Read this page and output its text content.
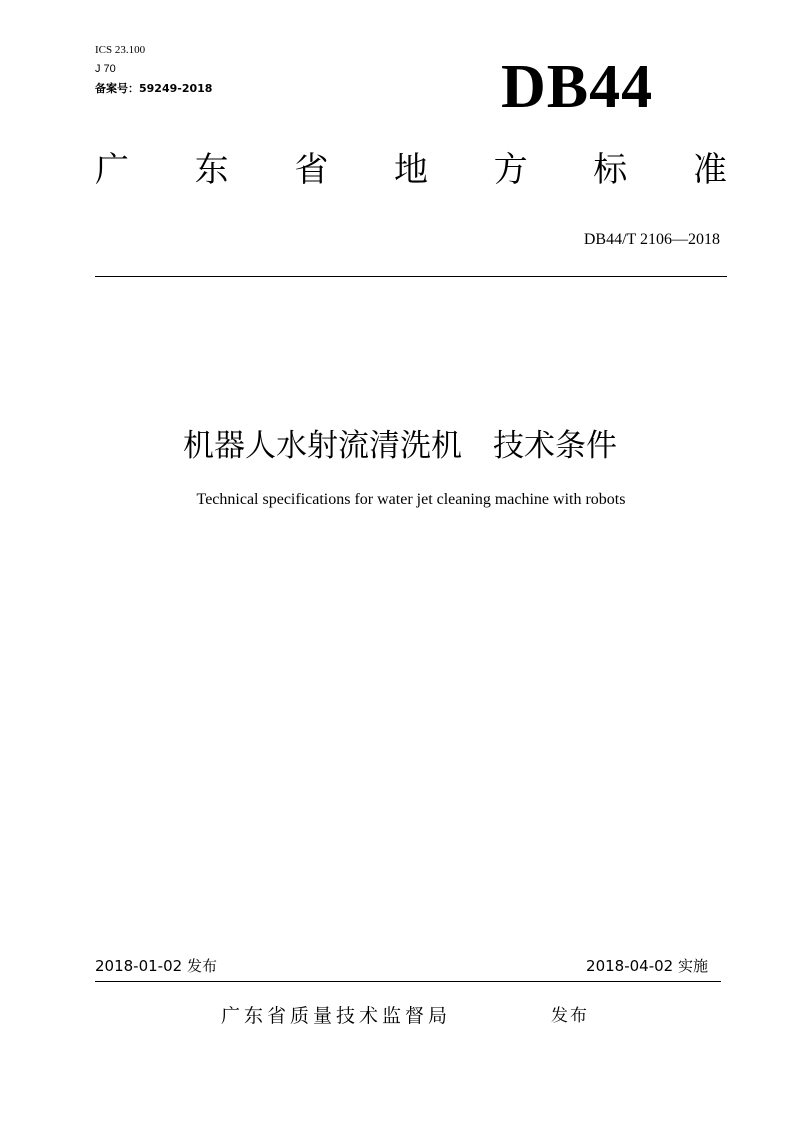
ICS 23.100
J 70
备案号：59249-2018	DB44
广 东 省 地 方 标 准
DB44/T 2106—2018
机器人水射流清洗机　技术条件
Technical specifications for water jet cleaning machine with robots
2018-01-02 发布	2018-04-02 实施
广东省质量技术监督局	发布
